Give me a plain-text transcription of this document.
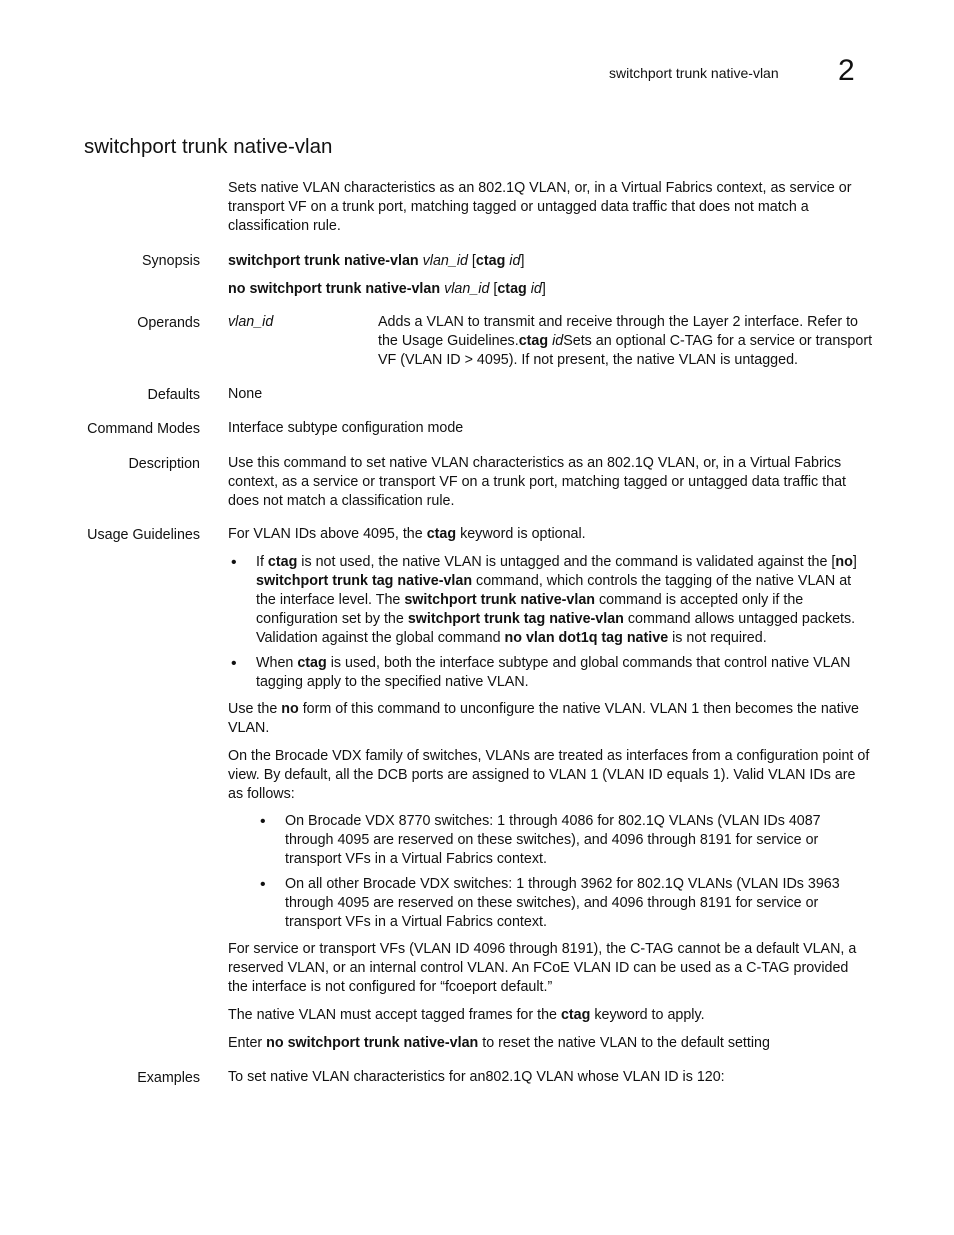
switchport trunk native-vlan 2
switchport trunk native-vlan

Sets native VLAN characteristics as an 802.1Q VLAN, or, in a Virtual Fabrics context, as service or transport VF on a trunk port, matching tagged or untagged data traffic that does not match a classification rule.

Synopsis switchport trunk native-vlan vlan_id [ctag id]

no switchport trunk native-vlan vlan_id [ctag id]

Operands vlan_id	Adds a VLAN to transmit and receive through the Layer 2 interface. Refer to the Usage Guidelines.ctag idSets an optional C-TAG for a service or transport VF (VLAN ID > 4095). If not present, the native VLAN is untagged.
Defaults None

Command Modes Interface subtype configuration mode

Description Use this command to set native VLAN characteristics as an 802.1Q VLAN, or, in a Virtual Fabrics context, as a service or transport VF on a trunk port, matching tagged or untagged data traffic that does not match a classification rule.

Usage Guidelines For VLAN IDs above 4095, the ctag keyword is optional.

• If ctag is not used, the native VLAN is untagged and the command is validated against the [no] switchport trunk tag native-vlan command, which controls the tagging of the native VLAN at the interface level. The switchport trunk native-vlan command is accepted only if the configuration set by the switchport trunk tag native-vlan command allows untagged packets. Validation against the global command no vlan dot1q tag native is not required.
• When ctag is used, both the interface subtype and global commands that control native VLAN tagging apply to the specified native VLAN.

Use the no form of this command to unconfigure the native VLAN. VLAN 1 then becomes the native VLAN.

On the Brocade VDX family of switches, VLANs are treated as interfaces from a configuration point of view. By default, all the DCB ports are assigned to VLAN 1 (VLAN ID equals 1). Valid VLAN IDs are as follows:

• On Brocade VDX 8770 switches: 1 through 4086 for 802.1Q VLANs (VLAN IDs 4087 through 4095 are reserved on these switches), and 4096 through 8191 for service or transport VFs in a Virtual Fabrics context.
• On all other Brocade VDX switches: 1 through 3962 for 802.1Q VLANs (VLAN IDs 3963 through 4095 are reserved on these switches), and 4096 through 8191 for service or transport VFs in a Virtual Fabrics context.

For service or transport VFs (VLAN ID 4096 through 8191), the C-TAG cannot be a default VLAN, a reserved VLAN, or an internal control VLAN. An FCoE VLAN ID can be used as a C-TAG provided the interface is not configured for “fcoeport default.”

The native VLAN must accept tagged frames for the ctag keyword to apply.

Enter no switchport trunk native-vlan to reset the native VLAN to the default setting

Examples To set native VLAN characteristics for an802.1Q VLAN whose VLAN ID is 120:
